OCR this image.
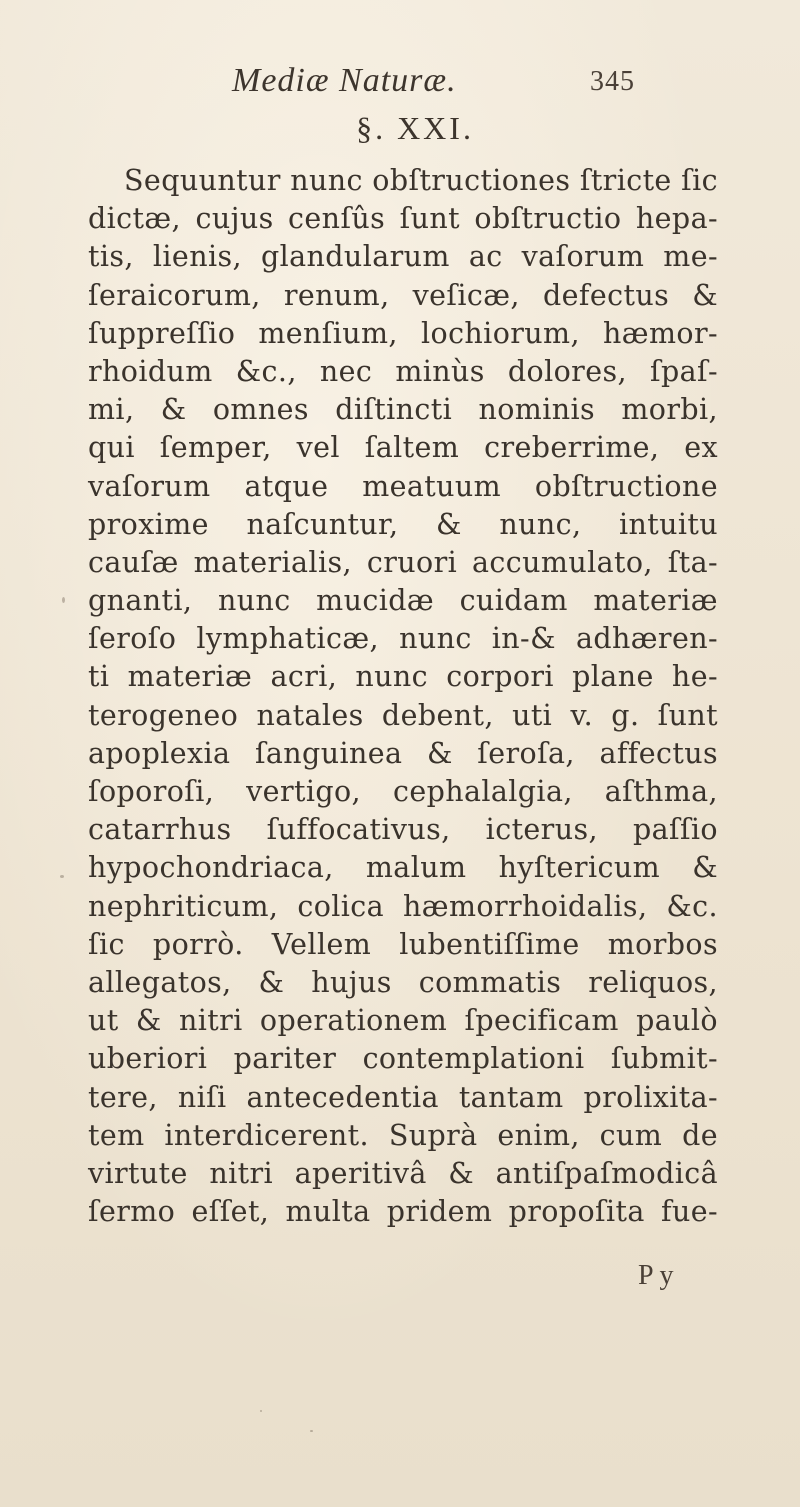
Mediæ Naturæ.	345
§. XXI.
Sequuntur nunc obſtructiones ſtricte ſic
dictæ, cujus cenſûs ſunt obſtructio hepa-
tis, lienis, glandularum ac vaſorum me-
ſeraicorum, renum, veſicæ, defectus &
ſuppreſſio menſium, lochiorum, hæmor-
rhoidum &c., nec minùs dolores, ſpaſ-
mi, & omnes diſtincti nominis morbi,
qui ſemper, vel ſaltem creberrime, ex
vaſorum atque meatuum obſtructione
proxime naſcuntur, & nunc, intuitu
cauſæ materialis, cruori accumulato, ſta-
gnanti, nunc mucidæ cuidam materiæ
ſeroſo lymphaticæ, nunc in-& adhæren-
ti materiæ acri, nunc corpori plane he-
terogeneo natales debent, uti v. g. ſunt
apoplexia ſanguinea & ſeroſa, affectus
ſoporoſi, vertigo, cephalalgia, aſthma,
catarrhus ſuffocativus, icterus, paſſio
hypochondriaca, malum hyſtericum &
nephriticum, colica hæmorrhoidalis, &c.
ſic porrò. Vellem lubentiſſime morbos
allegatos, & hujus commatis reliquos,
ut & nitri operationem ſpecificam paulò
uberiori pariter contemplationi ſubmit-
tere, niſi antecedentia tantam prolixita-
tem interdicerent. Suprà enim, cum de
virtute nitri aperitivâ & antiſpaſmodicâ
ſermo eſſet, multa pridem propoſita fue-
P y
